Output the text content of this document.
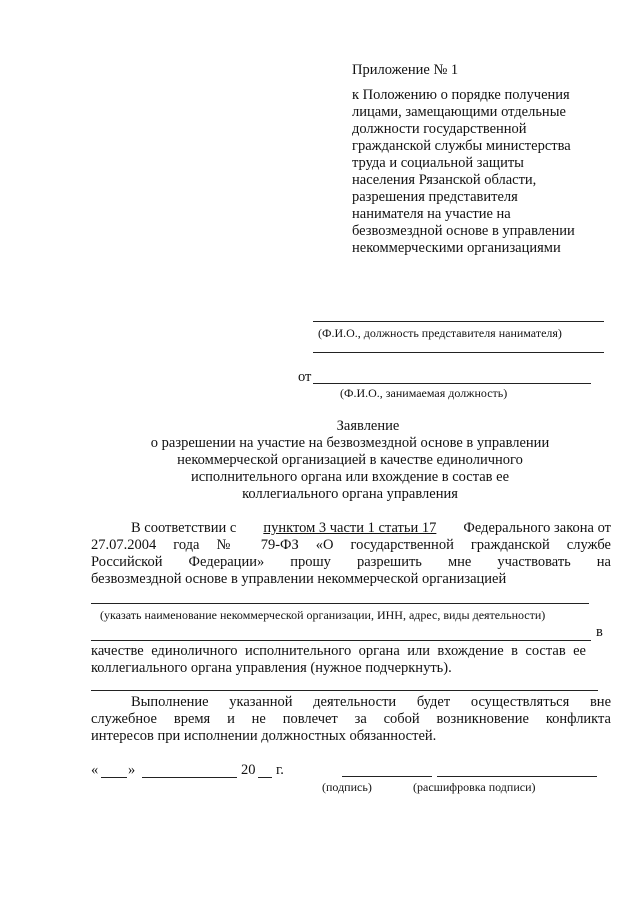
Приложение № 1
к Положению о порядке получения
лицами, замещающими отдельные
должности государственной
гражданской службы министерства
труда и социальной защиты
населения Рязанской области,
разрешения представителя
нанимателя на участие на
безвозмездной основе в управлении
некоммерческими организациями
(Ф.И.О., должность представителя нанимателя)
от
(Ф.И.О., занимаемая должность)
Заявление
о разрешении на участие на безвозмездной основе в управлении
некоммерческой организацией в качестве единоличного
исполнительного органа или вхождение в состав ее
коллегиального органа управления
В соответствии с пунктом 3 части 1 статьи 17 Федерального закона от
27.07.2004 года № 79-ФЗ «О государственной гражданской службе
Российской Федерации» прошу разрешить мне участвовать на
безвозмездной основе в управлении некоммерческой организацией
(указать наименование некоммерческой организации, ИНН, адрес, виды деятельности)
в
качестве единоличного исполнительного органа или вхождение в состав ее
коллегиального органа управления (нужное подчеркнуть).
Выполнение указанной деятельности будет осуществляться вне
служебное время и не повлечет за собой возникновение конфликта
интересов при исполнении должностных обязанностей.
« »	20 г.
(подпись)	(расшифровка подписи)
